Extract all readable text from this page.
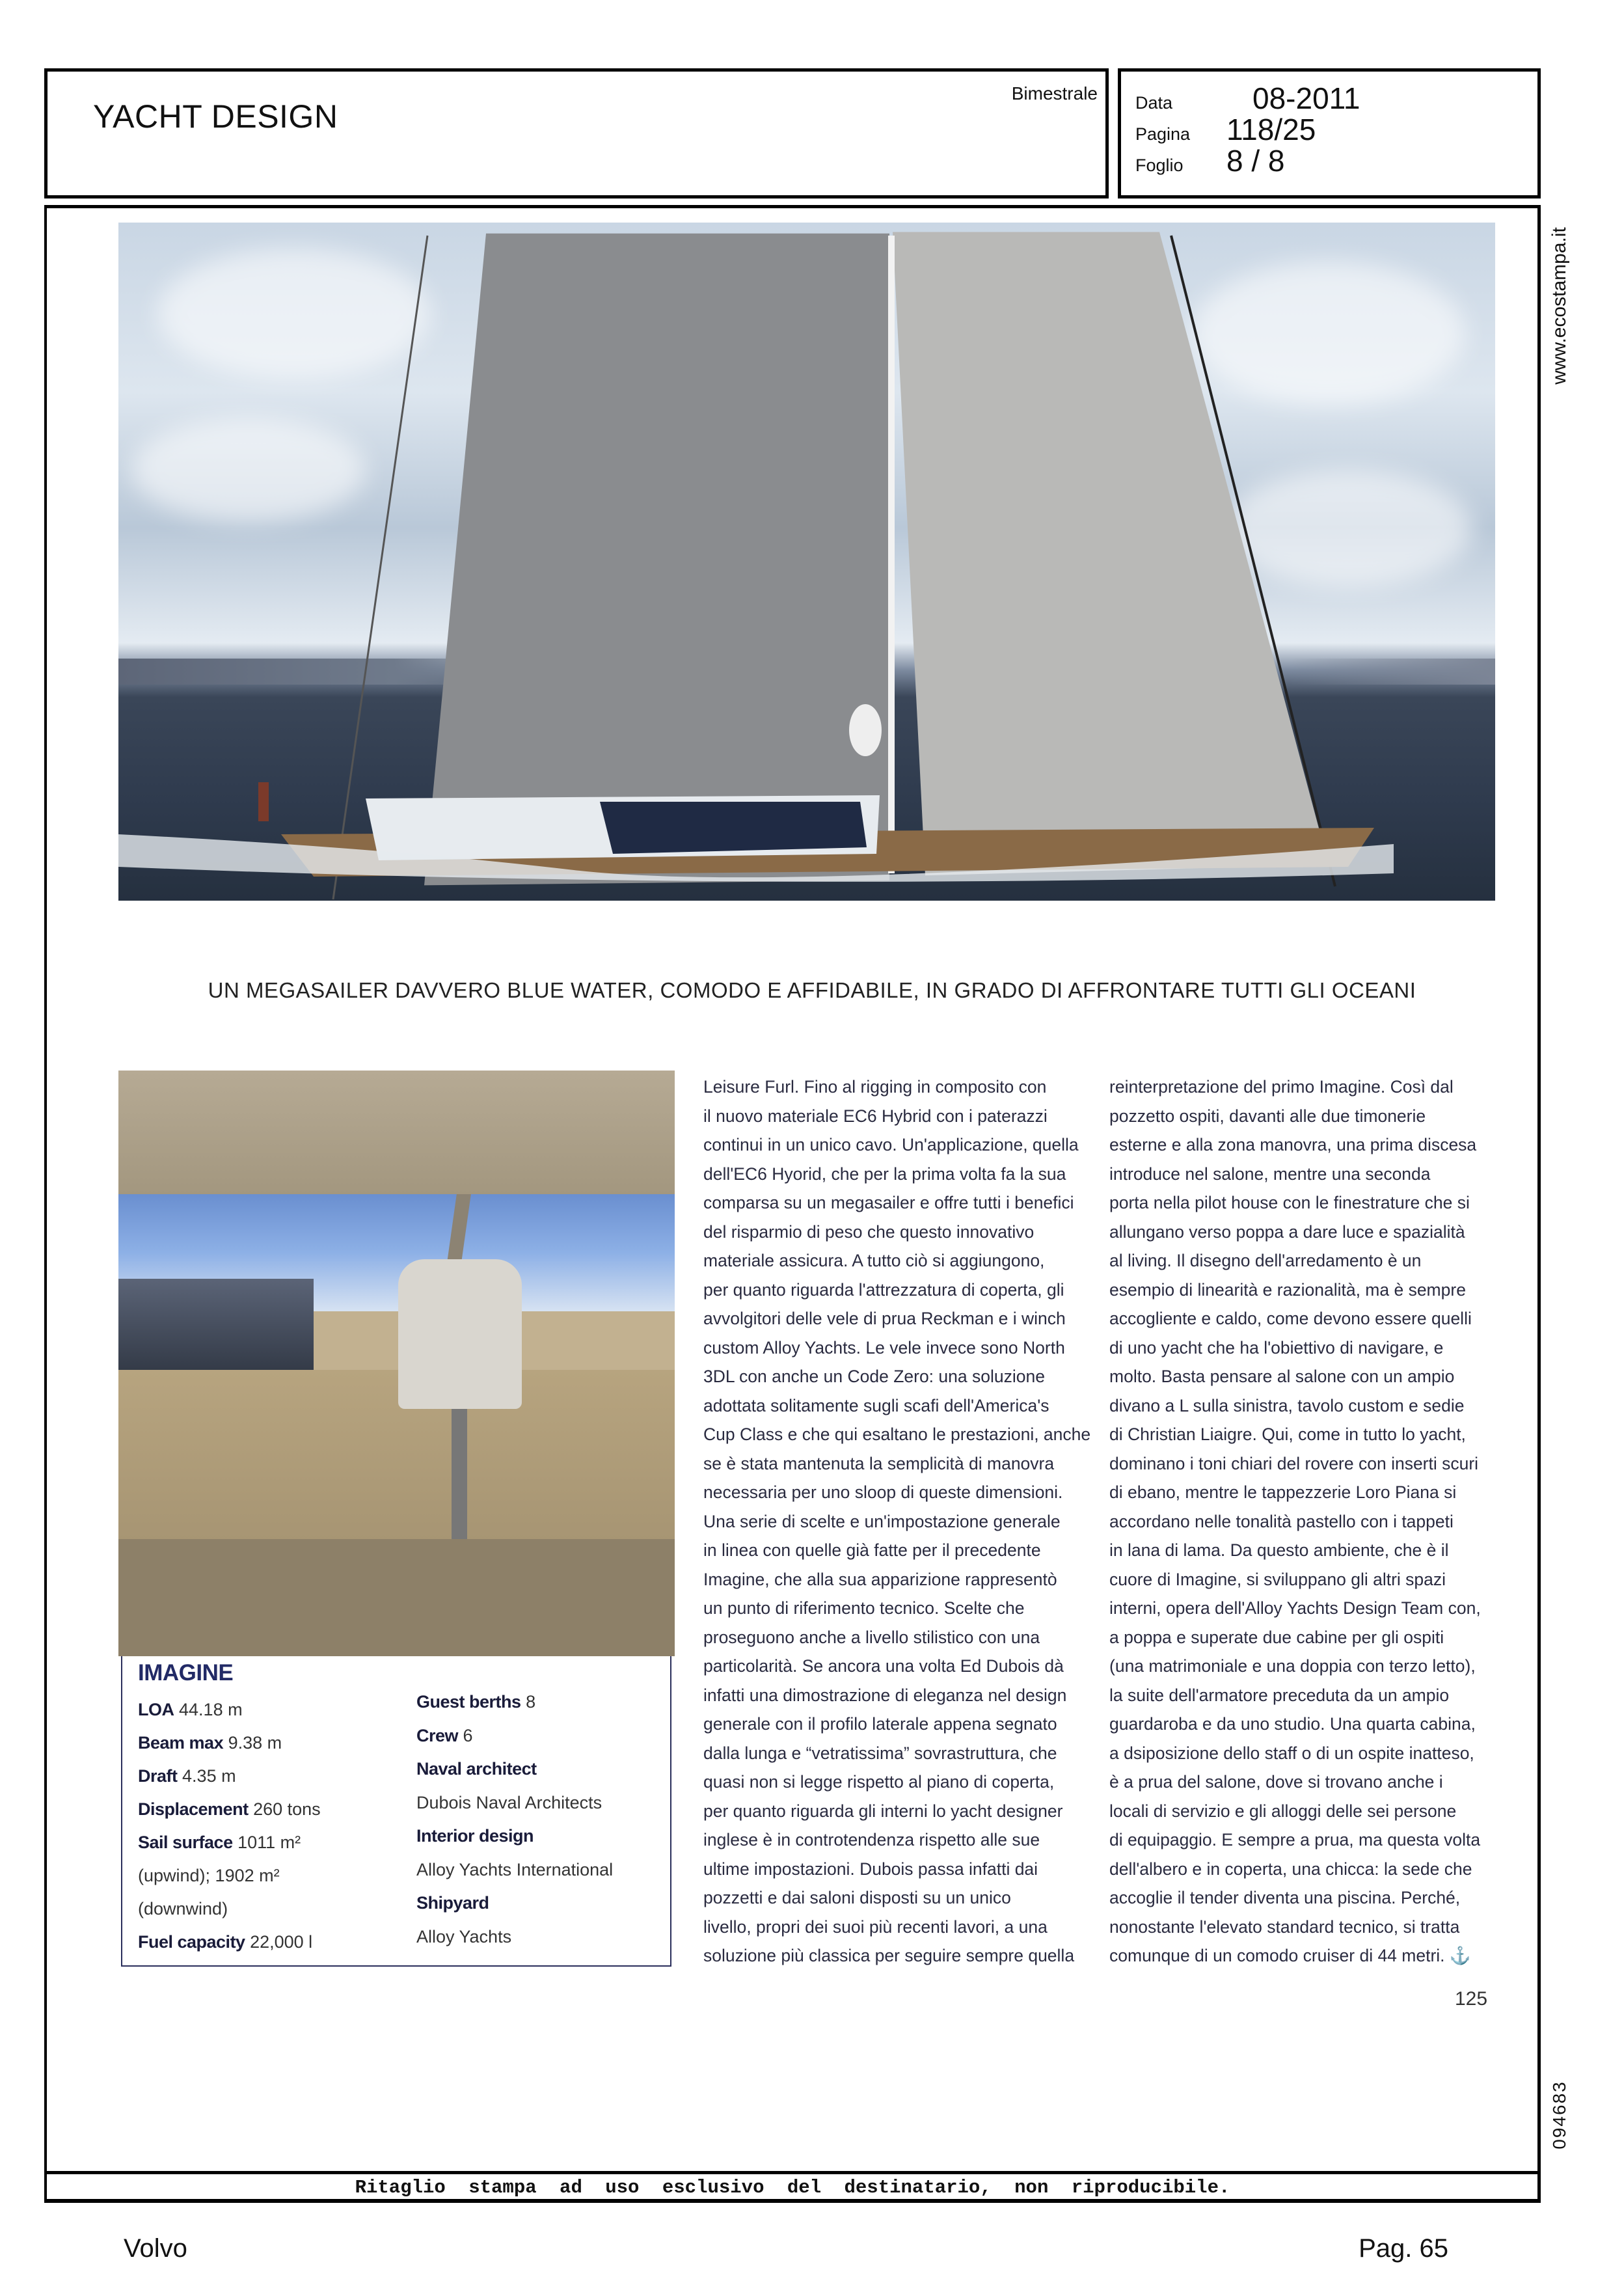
YACHT DESIGN
Bimestrale Data	08-2011
Pagina	118/25
Foglio	8 / 8
www.ecostampa.it
094683
UN MEGASAILER DAVVERO BLUE WATER, COMODO E AFFIDABILE, IN GRADO DI AFFRONTARE TUTTI GLI OCEANI
IMAGINE
LOA 44.18 m
Beam max 9.38 m
Draft 4.35 m
Displacement 260 tons
Sail surface 1011 m²
(upwind); 1902 m²
(downwind)
Fuel capacity 22,000 l
Guest berths 8
Crew 6
Naval architect
Dubois Naval Architects
Interior design
Alloy Yachts International
Shipyard
Alloy Yachts
Leisure Furl. Fino al rigging in composito con
il nuovo materiale EC6 Hybrid con i paterazzi
continui in un unico cavo. Un'applicazione, quella
dell'EC6 Hyorid, che per la prima volta fa la sua
comparsa su un megasailer e offre tutti i benefici
del risparmio di peso che questo innovativo
materiale assicura. A tutto ciò si aggiungono,
per quanto riguarda l'attrezzatura di coperta, gli
avvolgitori delle vele di prua Reckman e i winch
custom Alloy Yachts. Le vele invece sono North
3DL con anche un Code Zero: una soluzione
adottata solitamente sugli scafi dell'America's
Cup Class e che qui esaltano le prestazioni, anche
se è stata mantenuta la semplicità di manovra
necessaria per uno sloop di queste dimensioni.
Una serie di scelte e un'impostazione generale
in linea con quelle già fatte per il precedente
Imagine, che alla sua apparizione rappresentò
un punto di riferimento tecnico. Scelte che
proseguono anche a livello stilistico con una
particolarità. Se ancora una volta Ed Dubois dà
infatti una dimostrazione di eleganza nel design
generale con il profilo laterale appena segnato
dalla lunga e “vetratissima” sovrastruttura, che
quasi non si legge rispetto al piano di coperta,
per quanto riguarda gli interni lo yacht designer
inglese è in controtendenza rispetto alle sue
ultime impostazioni. Dubois passa infatti dai
pozzetti e dai saloni disposti su un unico
livello, propri dei suoi più recenti lavori, a una
soluzione più classica per seguire sempre quella
reinterpretazione del primo Imagine. Così dal
pozzetto ospiti, davanti alle due timonerie
esterne e alla zona manovra, una prima discesa
introduce nel salone, mentre una seconda
porta nella pilot house con le finestrature che si
allungano verso poppa a dare luce e spazialità
al living. Il disegno dell'arredamento è un
esempio di linearità e razionalità, ma è sempre
accogliente e caldo, come devono essere quelli
di uno yacht che ha l'obiettivo di navigare, e
molto. Basta pensare al salone con un ampio
divano a L sulla sinistra, tavolo custom e sedie
di Christian Liaigre. Qui, come in tutto lo yacht,
dominano i toni chiari del rovere con inserti scuri
di ebano, mentre le tappezzerie Loro Piana si
accordano nelle tonalità pastello con i tappeti
in lana di lama. Da questo ambiente, che è il
cuore di Imagine, si sviluppano gli altri spazi
interni, opera dell'Alloy Yachts Design Team con,
a poppa e superate due cabine per gli ospiti
(una matrimoniale e una doppia con terzo letto),
la suite dell'armatore preceduta da un ampio
guardaroba e da uno studio. Una quarta cabina,
a dsiposizione dello staff o di un ospite inatteso,
è a prua del salone, dove si trovano anche i
locali di servizio e gli alloggi delle sei persone
di equipaggio. E sempre a prua, ma questa volta
dell'albero e in coperta, una chicca: la sede che
accoglie il tender diventa una piscina. Perché,
nonostante l'elevato standard tecnico, si tratta
comunque di un comodo cruiser di 44 metri. ⚓
125
Ritaglio stampa ad uso esclusivo del destinatario, non riproducibile.
Volvo	Pag. 65
